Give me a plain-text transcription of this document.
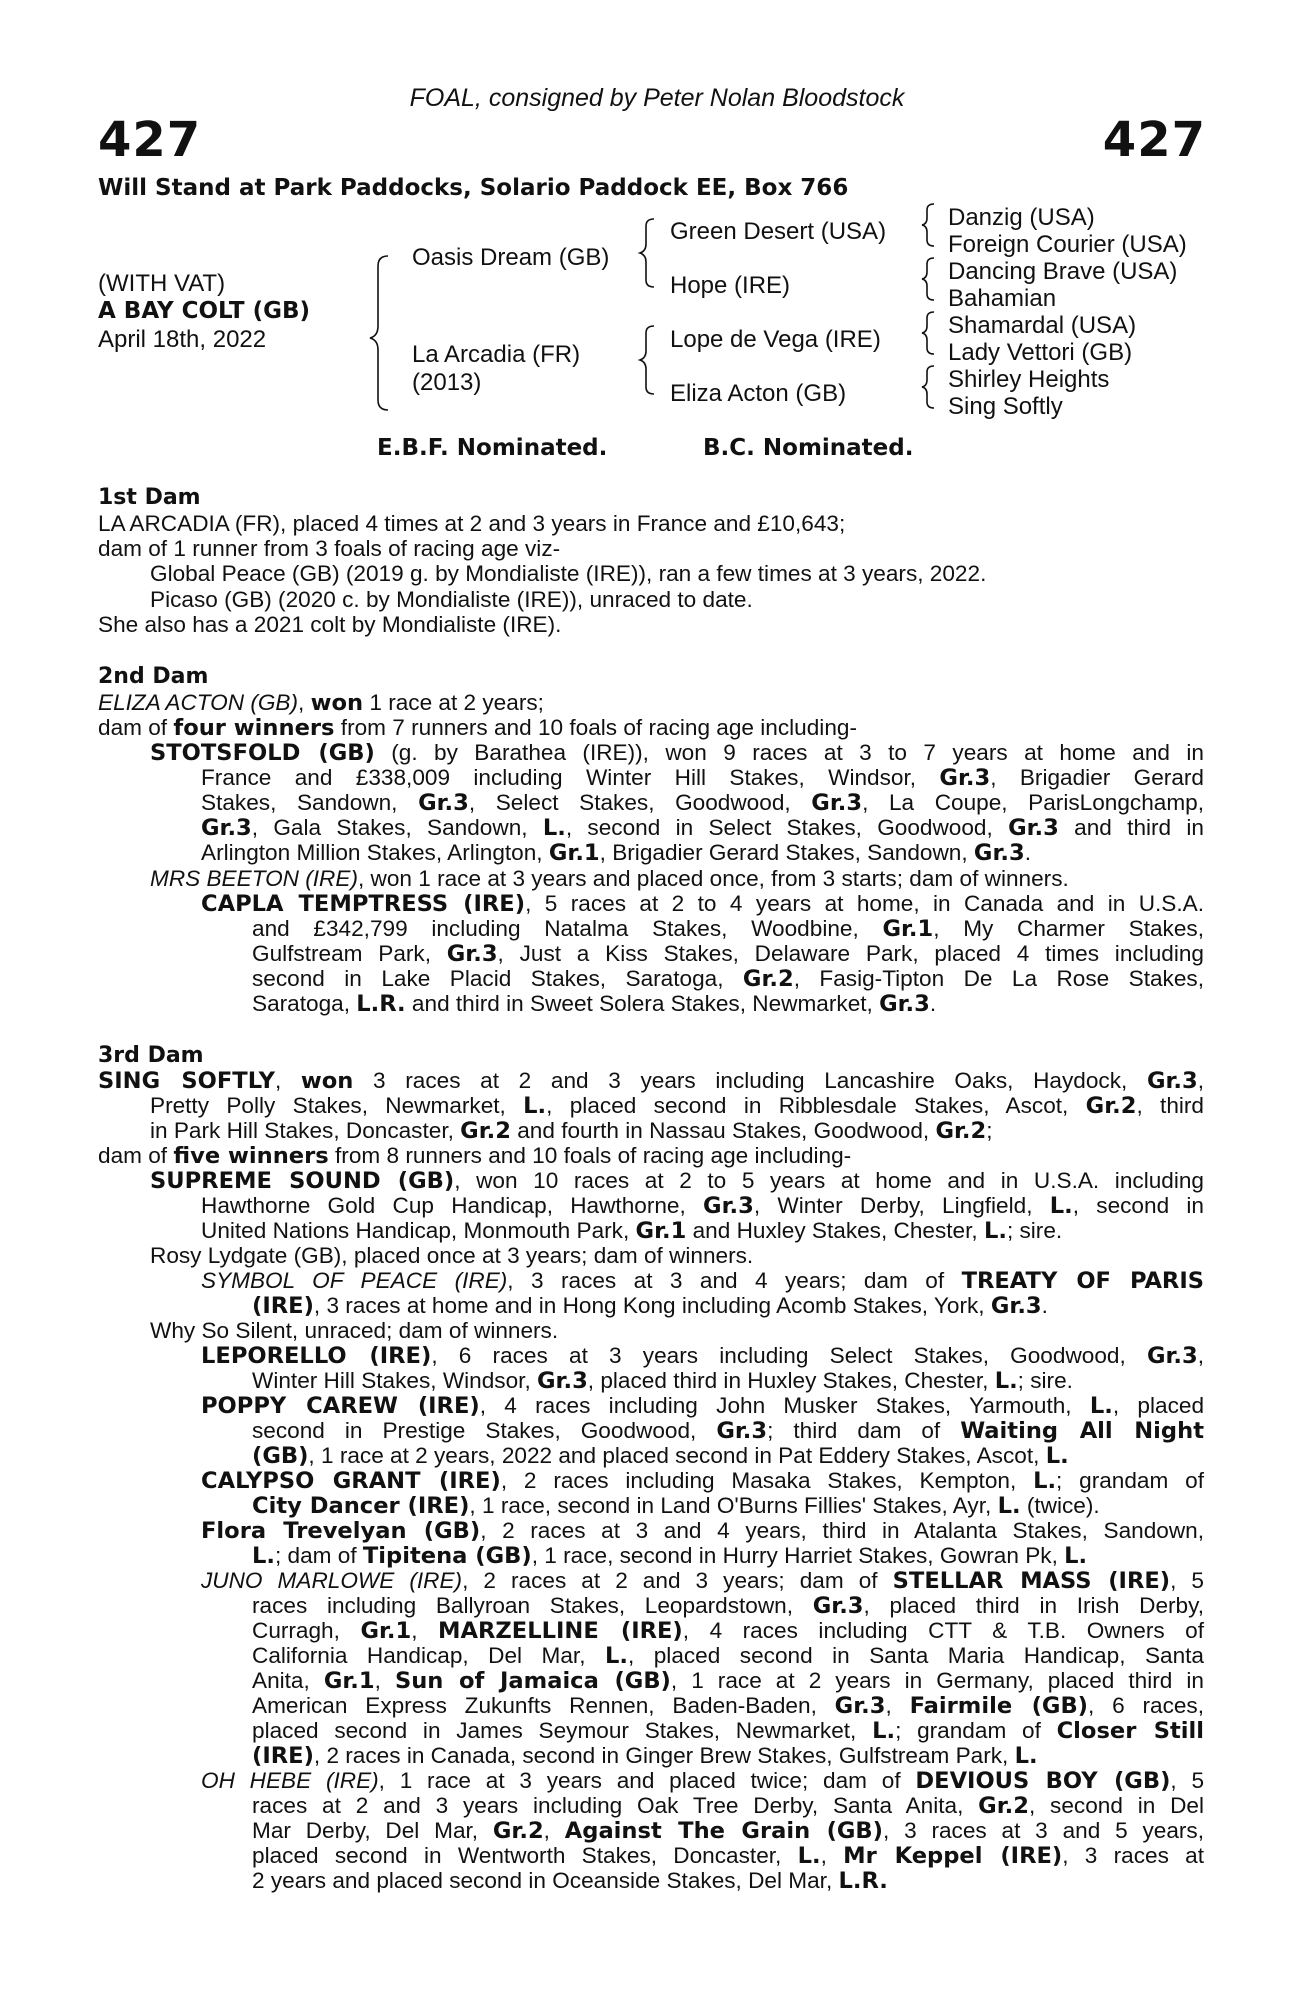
FOAL, consigned by Peter Nolan Bloodstock
427	427
Will Stand at Park Paddocks, Solario Paddock EE, Box 766
(WITH VAT)
A BAY COLT (GB)
April 18th, 2022
Oasis Dream (GB)
La Arcadia (FR)
(2013)
Green Desert (USA)
Hope (IRE)
Lope de Vega (IRE)
Eliza Acton (GB)
Danzig (USA)
Foreign Courier (USA)
Dancing Brave (USA)
Bahamian
Shamardal (USA)
Lady Vettori (GB)
Shirley Heights
Sing Softly
E.B.F. Nominated.	B.C. Nominated.
1st Dam
LA ARCADIA (FR), placed 4 times at 2 and 3 years in France and £10,643;
dam of 1 runner from 3 foals of racing age viz-
Global Peace (GB) (2019 g. by Mondialiste (IRE)), ran a few times at 3 years, 2022.
Picaso (GB) (2020 c. by Mondialiste (IRE)), unraced to date.
She also has a 2021 colt by Mondialiste (IRE).
2nd Dam
ELIZA ACTON (GB), won 1 race at 2 years;
dam of four winners from 7 runners and 10 foals of racing age including-
STOTSFOLD (GB) (g. by Barathea (IRE)), won 9 races at 3 to 7 years at home and in
France and £338,009 including Winter Hill Stakes, Windsor, Gr.3, Brigadier Gerard
Stakes, Sandown, Gr.3, Select Stakes, Goodwood, Gr.3, La Coupe, ParisLongchamp,
Gr.3, Gala Stakes, Sandown, L., second in Select Stakes, Goodwood, Gr.3 and third in
Arlington Million Stakes, Arlington, Gr.1, Brigadier Gerard Stakes, Sandown, Gr.3.
MRS BEETON (IRE), won 1 race at 3 years and placed once, from 3 starts; dam of winners.
CAPLA TEMPTRESS (IRE), 5 races at 2 to 4 years at home, in Canada and in U.S.A.
and £342,799 including Natalma Stakes, Woodbine, Gr.1, My Charmer Stakes,
Gulfstream Park, Gr.3, Just a Kiss Stakes, Delaware Park, placed 4 times including
second in Lake Placid Stakes, Saratoga, Gr.2, Fasig-Tipton De La Rose Stakes,
Saratoga, L.R. and third in Sweet Solera Stakes, Newmarket, Gr.3.
3rd Dam
SING SOFTLY, won 3 races at 2 and 3 years including Lancashire Oaks, Haydock, Gr.3,
Pretty Polly Stakes, Newmarket, L., placed second in Ribblesdale Stakes, Ascot, Gr.2, third
in Park Hill Stakes, Doncaster, Gr.2 and fourth in Nassau Stakes, Goodwood, Gr.2;
dam of five winners from 8 runners and 10 foals of racing age including-
SUPREME SOUND (GB), won 10 races at 2 to 5 years at home and in U.S.A. including
Hawthorne Gold Cup Handicap, Hawthorne, Gr.3, Winter Derby, Lingfield, L., second in
United Nations Handicap, Monmouth Park, Gr.1 and Huxley Stakes, Chester, L.; sire.
Rosy Lydgate (GB), placed once at 3 years; dam of winners.
SYMBOL OF PEACE (IRE), 3 races at 3 and 4 years; dam of TREATY OF PARIS
(IRE), 3 races at home and in Hong Kong including Acomb Stakes, York, Gr.3.
Why So Silent, unraced; dam of winners.
LEPORELLO (IRE), 6 races at 3 years including Select Stakes, Goodwood, Gr.3,
Winter Hill Stakes, Windsor, Gr.3, placed third in Huxley Stakes, Chester, L.; sire.
POPPY CAREW (IRE), 4 races including John Musker Stakes, Yarmouth, L., placed
second in Prestige Stakes, Goodwood, Gr.3; third dam of Waiting All Night
(GB), 1 race at 2 years, 2022 and placed second in Pat Eddery Stakes, Ascot, L.
CALYPSO GRANT (IRE), 2 races including Masaka Stakes, Kempton, L.; grandam of
City Dancer (IRE), 1 race, second in Land O'Burns Fillies' Stakes, Ayr, L. (twice).
Flora Trevelyan (GB), 2 races at 3 and 4 years, third in Atalanta Stakes, Sandown,
L.; dam of Tipitena (GB), 1 race, second in Hurry Harriet Stakes, Gowran Pk, L.
JUNO MARLOWE (IRE), 2 races at 2 and 3 years; dam of STELLAR MASS (IRE), 5
races including Ballyroan Stakes, Leopardstown, Gr.3, placed third in Irish Derby,
Curragh, Gr.1, MARZELLINE (IRE), 4 races including CTT & T.B. Owners of
California Handicap, Del Mar, L., placed second in Santa Maria Handicap, Santa
Anita, Gr.1, Sun of Jamaica (GB), 1 race at 2 years in Germany, placed third in
American Express Zukunfts Rennen, Baden-Baden, Gr.3, Fairmile (GB), 6 races,
placed second in James Seymour Stakes, Newmarket, L.; grandam of Closer Still
(IRE), 2 races in Canada, second in Ginger Brew Stakes, Gulfstream Park, L.
OH HEBE (IRE), 1 race at 3 years and placed twice; dam of DEVIOUS BOY (GB), 5
races at 2 and 3 years including Oak Tree Derby, Santa Anita, Gr.2, second in Del
Mar Derby, Del Mar, Gr.2, Against The Grain (GB), 3 races at 3 and 5 years,
placed second in Wentworth Stakes, Doncaster, L., Mr Keppel (IRE), 3 races at
2 years and placed second in Oceanside Stakes, Del Mar, L.R.
